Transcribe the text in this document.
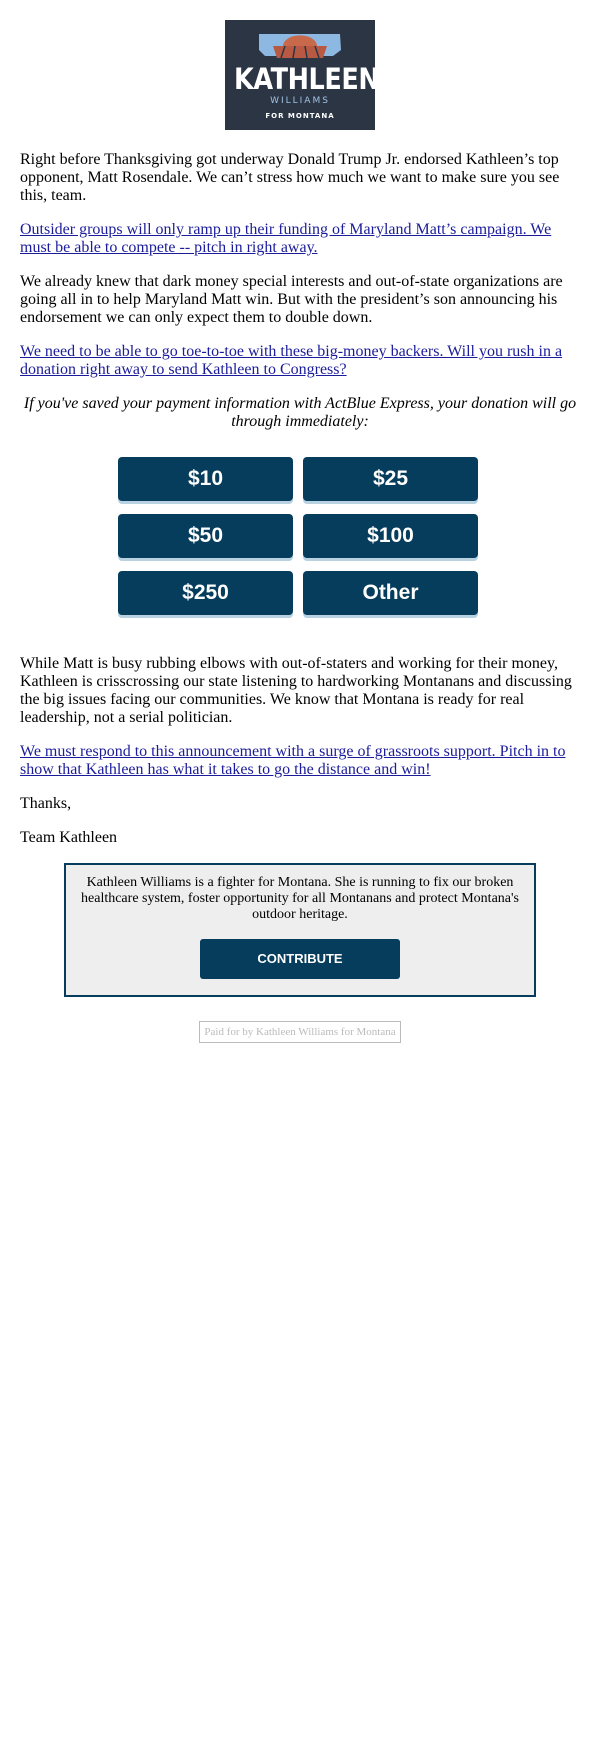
KATHLEEN
WILLIAMS
FOR MONTANA

Right before Thanksgiving got underway Donald Trump Jr. endorsed Kathleen’s top opponent, Matt Rosendale. We can’t stress how much we want to make sure you see this, team.

Outsider groups will only ramp up their funding of Maryland Matt’s campaign. We must be able to compete -- pitch in right away.

We already knew that dark money special interests and out-of-state organizations are going all in to help Maryland Matt win. But with the president’s son announcing his endorsement we can only expect them to double down.

We need to be able to go toe-to-toe with these big-money backers. Will you rush in a donation right away to send Kathleen to Congress?

If you've saved your payment information with ActBlue Express, your donation will go through immediately:

$10	$25
$50	$100
$250	Other

While Matt is busy rubbing elbows with out-of-staters and working for their money, Kathleen is crisscrossing our state listening to hardworking Montanans and discussing the big issues facing our communities. We know that Montana is ready for real leadership, not a serial politician.

We must respond to this announcement with a surge of grassroots support. Pitch in to show that Kathleen has what it takes to go the distance and win!

Thanks,

Team Kathleen

Kathleen Williams is a fighter for Montana. She is running to fix our broken healthcare system, foster opportunity for all Montanans and protect Montana's outdoor heritage.

CONTRIBUTE
Paid for by Kathleen Williams for Montana
